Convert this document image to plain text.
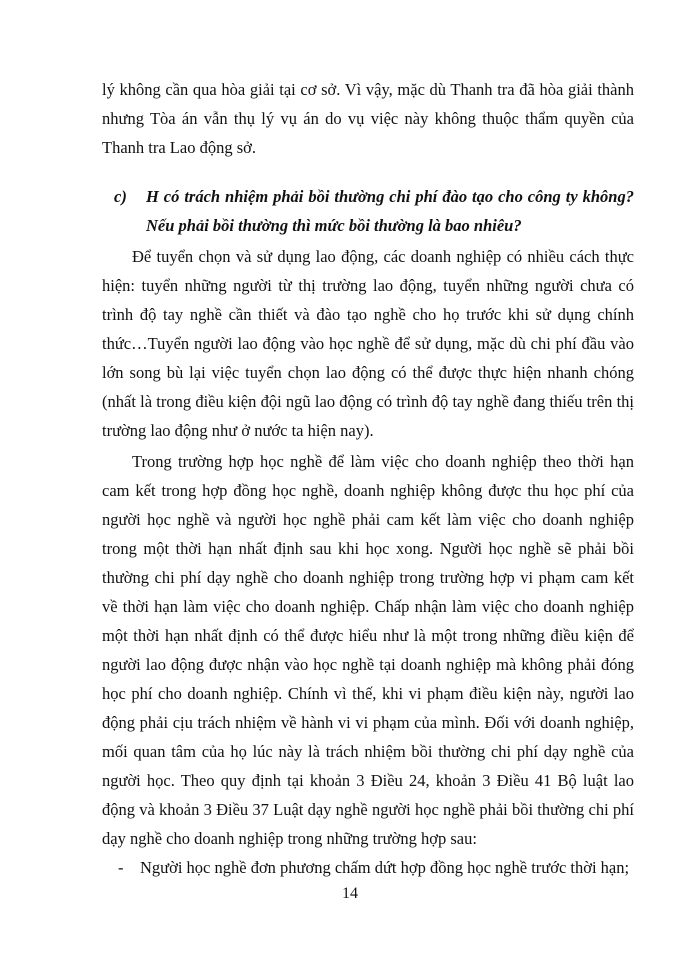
lý không cần qua hòa giải tại cơ sở. Vì vậy, mặc dù Thanh tra đã hòa giải thành nhưng Tòa án vẫn thụ lý vụ án do vụ việc này không thuộc thẩm quyền của Thanh tra Lao động sở.

c)	H có trách nhiệm phải bồi thường chi phí đào tạo cho công ty không? Nếu phải bồi thường thì mức bồi thường là bao nhiêu?

Để tuyển chọn và sử dụng lao động, các doanh nghiệp có nhiều cách thực hiện: tuyển những người từ thị trường lao động, tuyển những người chưa có trình độ tay nghề cần thiết và đào tạo nghề cho họ trước khi sử dụng chính thức…Tuyển người lao động vào học nghề để sử dụng, mặc dù chi phí đầu vào lớn song bù lại việc tuyển chọn lao động có thể được thực hiện nhanh chóng (nhất là trong điều kiện đội ngũ lao động có trình độ tay nghề đang thiếu trên thị trường lao động như ở nước ta hiện nay).

Trong trường hợp học nghề để làm việc cho doanh nghiệp theo thời hạn cam kết trong hợp đồng học nghề, doanh nghiệp không được thu học phí của người học nghề và người học nghề phải cam kết làm việc cho doanh nghiệp trong một thời hạn nhất định sau khi học xong. Người học nghề sẽ phải bồi thường chi phí dạy nghề cho doanh nghiệp trong trường hợp vi phạm cam kết về thời hạn làm việc cho doanh nghiệp. Chấp nhận làm việc cho doanh nghiệp một thời hạn nhất định có thể được hiểu như là một trong những điều kiện để người lao động được nhận vào học nghề tại doanh nghiệp mà không phải đóng học phí cho doanh nghiệp. Chính vì thế, khi vi phạm điều kiện này, người lao động phải cịu trách nhiệm về hành vi vi phạm của mình. Đối với doanh nghiệp, mối quan tâm của họ lúc này là trách nhiệm bồi thường chi phí dạy nghề của người học. Theo quy định tại khoản 3 Điều 24, khoản 3 Điều 41 Bộ luật lao động và khoản 3 Điều 37 Luật dạy nghề người học nghề phải bồi thường chi phí dạy nghề cho doanh nghiệp trong những trường hợp sau:

-	Người học nghề đơn phương chấm dứt hợp đồng học nghề trước thời hạn;
14
